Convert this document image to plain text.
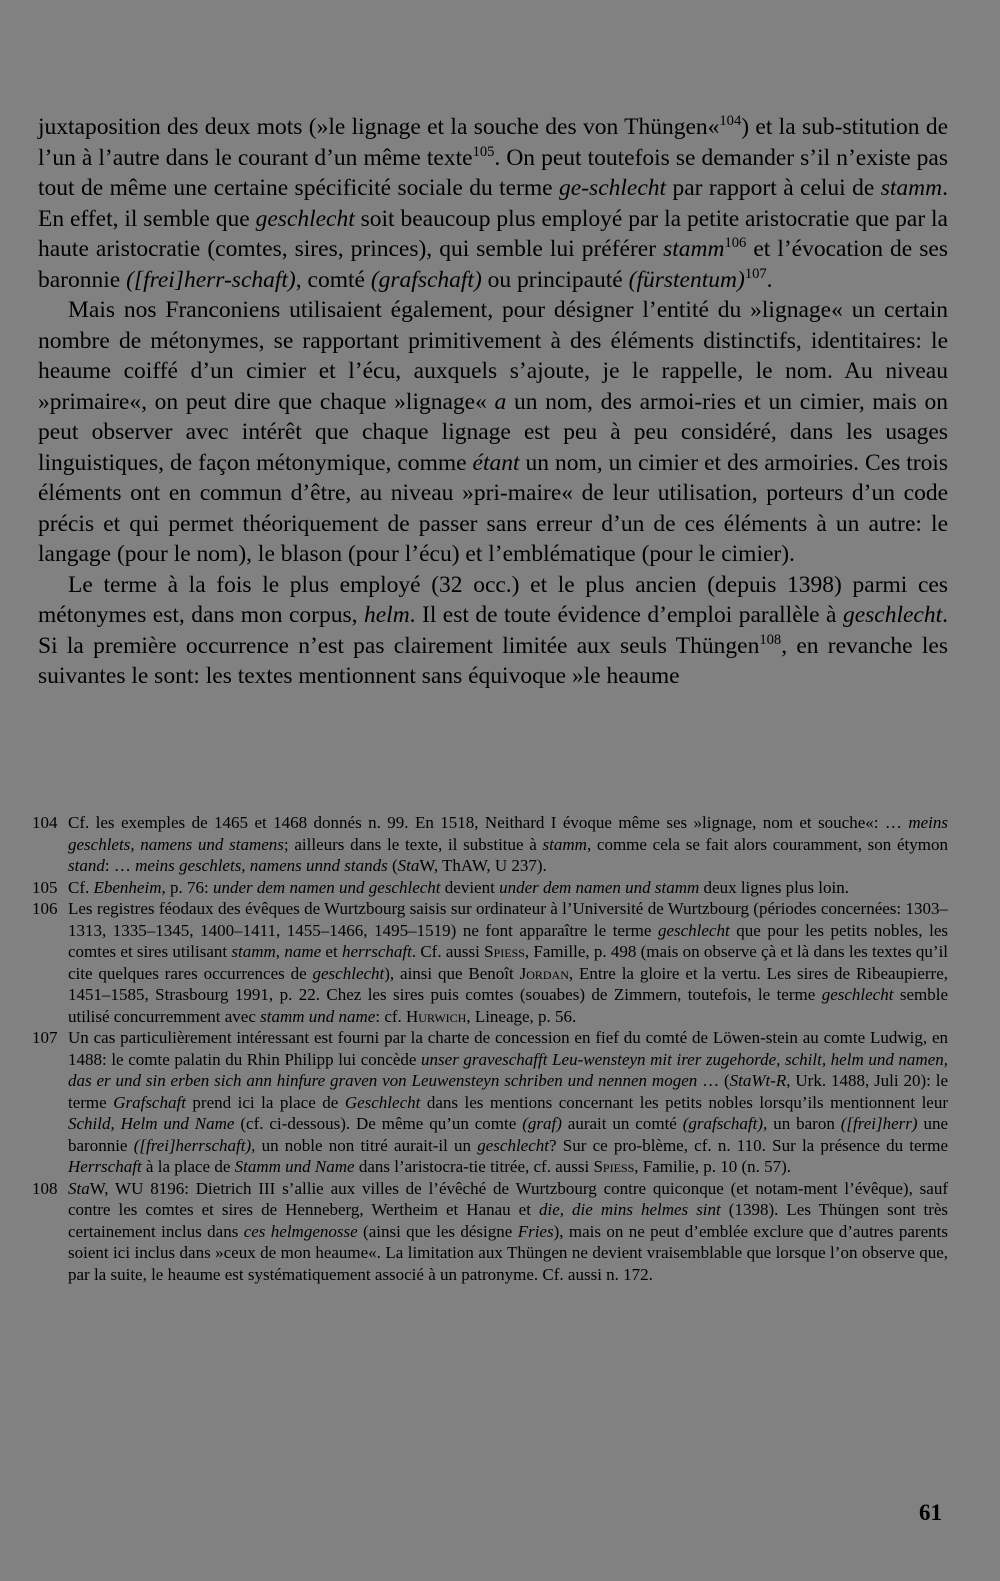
juxtaposition des deux mots (»le lignage et la souche des von Thüngen«$^{104}$) et la sub-stitution de l’un à l’autre dans le courant d’un même texte$^{105}$. On peut toutefois se demander s’il n’existe pas tout de même une certaine spécificité sociale du terme ge-schlecht par rapport à celui de stamm. En effet, il semble que geschlecht soit beaucoup plus employé par la petite aristocratie que par la haute aristocratie (comtes, sires, princes), qui semble lui préférer stamm$^{106}$ et l’évocation de ses baronnie ([frei]herr-schaft), comté (grafschaft) ou principauté (fürstentum)$^{107}$.

Mais nos Franconiens utilisaient également, pour désigner l’entité du »lignage« un certain nombre de métonymes, se rapportant primitivement à des éléments distinctifs, identitaires: le heaume coiffé d’un cimier et l’écu, auxquels s’ajoute, je le rappelle, le nom. Au niveau »primaire«, on peut dire que chaque »lignage« a un nom, des armoi-ries et un cimier, mais on peut observer avec intérêt que chaque lignage est peu à peu considéré, dans les usages linguistiques, de façon métonymique, comme étant un nom, un cimier et des armoiries. Ces trois éléments ont en commun d’être, au niveau »pri-maire« de leur utilisation, porteurs d’un code précis et qui permet théoriquement de passer sans erreur d’un de ces éléments à un autre: le langage (pour le nom), le blason (pour l’écu) et l’emblématique (pour le cimier).

Le terme à la fois le plus employé (32 occ.) et le plus ancien (depuis 1398) parmi ces métonymes est, dans mon corpus, helm. Il est de toute évidence d’emploi parallèle à geschlecht. Si la première occurrence n’est pas clairement limitée aux seuls Thüngen$^{108}$, en revanche les suivantes le sont: les textes mentionnent sans équivoque »le heaume

104 Cf. les exemples de 1465 et 1468 donnés n. 99. En 1518, Neithard I évoque même ses »lignage, nom et souche«: … meins geschlets, namens und stamens; ailleurs dans le texte, il substitue à stamm, comme cela se fait alors couramment, son étymon stand: … meins geschlets, namens unnd stands (StaW, ThAW, U 237).
105 Cf. Ebenheim, p. 76: under dem namen und geschlecht devient under dem namen und stamm deux lignes plus loin.
106 Les registres féodaux des évêques de Wurtzbourg saisis sur ordinateur à l’Université de Wurtzbourg (périodes concernées: 1303–1313, 1335–1345, 1400–1411, 1455–1466, 1495–1519) ne font apparaître le terme geschlecht que pour les petits nobles, les comtes et sires utilisant stamm, name et herrschaft. Cf. aussi Spiess, Famille, p. 498 (mais on observe çà et là dans les textes qu’il cite quelques rares occurrences de geschlecht), ainsi que Benoît Jordan, Entre la gloire et la vertu. Les sires de Ribeaupierre, 1451–1585, Strasbourg 1991, p. 22. Chez les sires puis comtes (souabes) de Zimmern, toutefois, le terme geschlecht semble utilisé concurremment avec stamm und name: cf. Hurwich, Lineage, p. 56.
107 Un cas particulièrement intéressant est fourni par la charte de concession en fief du comté de Löwen-stein au comte Ludwig, en 1488: le comte palatin du Rhin Philipp lui concède unser graveschafft Leu-wensteyn mit irer zugehorde, schilt, helm und namen, das er und sin erben sich ann hinfure graven von Leuwensteyn schriben und nennen mogen … (StaWt-R, Urk. 1488, Juli 20): le terme Grafschaft prend ici la place de Geschlecht dans les mentions concernant les petits nobles lorsqu’ils mentionnent leur Schild, Helm und Name (cf. ci-dessous). De même qu’un comte (graf) aurait un comté (grafschaft), un baron ([frei]herr) une baronnie ([frei]herrschaft), un noble non titré aurait-il un geschlecht? Sur ce pro-blème, cf. n. 110. Sur la présence du terme Herrschaft à la place de Stamm und Name dans l’aristocra-tie titrée, cf. aussi Spiess, Familie, p. 10 (n. 57).
108 StaW, WU 8196: Dietrich III s’allie aux villes de l’évêché de Wurtzbourg contre quiconque (et notam-ment l’évêque), sauf contre les comtes et sires de Henneberg, Wertheim et Hanau et die, die mins helmes sint (1398). Les Thüngen sont très certainement inclus dans ces helmgenosse (ainsi que les désigne Fries), mais on ne peut d’emblée exclure que d’autres parents soient ici inclus dans »ceux de mon heaume«. La limitation aux Thüngen ne devient vraisemblable que lorsque l’on observe que, par la suite, le heaume est systématiquement associé à un patronyme. Cf. aussi n. 172.
61
